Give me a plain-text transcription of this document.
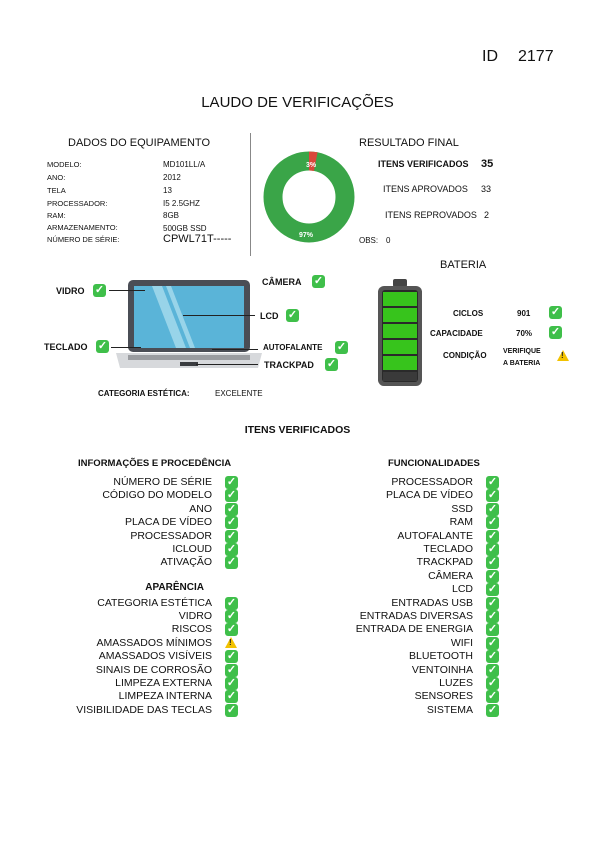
ID 2177
LAUDO DE VERIFICAÇÕES
DADOS DO EQUIPAMENTO
MODELO:	MD101LL/A
ANO:	2012
TELA	13
PROCESSADOR:	I5 2.5GHZ
RAM:	8GB
ARMAZENAMENTO:	500GB SSD
NÚMERO DE SÉRIE:	CPWL71T-----
3%
97%
RESULTADO FINAL
ITENS VERIFICADOS 35
ITENS APROVADOS 33
ITENS REPROVADOS 2
OBS: 0
VIDRO ✓
CÂMERA ✓
LCD ✓
TECLADO ✓	AUTOFALANTE ✓
TRACKPAD ✓
CATEGORIA ESTÉTICA:	EXCELENTE
BATERIA
CICLOS	901 ✓
CAPACIDADE	70% ✓
CONDIÇÃO VERIFIQUE
A BATERIA
!
ITENS VERIFICADOS
INFORMAÇÕES E PROCEDÊNCIA	FUNCIONALIDADES
NÚMERO DE SÉRIE ✓
CÓDIGO DO MODELO ✓
ANO ✓
PLACA DE VÍDEO ✓
PROCESSADOR ✓
ICLOUD ✓
ATIVAÇÃO ✓
APARÊNCIA
CATEGORIA ESTÉTICA ✓
VIDRO ✓
RISCOS ✓
AMASSADOS MÍNIMOS
!
AMASSADOS VISÍVEIS ✓
SINAIS DE CORROSÃO ✓
LIMPEZA EXTERNA ✓
LIMPEZA INTERNA ✓
VISIBILIDADE DAS TECLAS ✓
PROCESSADOR ✓
PLACA DE VÍDEO ✓
SSD ✓
RAM ✓
AUTOFALANTE ✓
TECLADO ✓
TRACKPAD ✓
CÂMERA ✓
LCD ✓
ENTRADAS USB ✓
ENTRADAS DIVERSAS ✓
ENTRADA DE ENERGIA ✓
WIFI ✓
BLUETOOTH ✓
VENTOINHA ✓
LUZES ✓
SENSORES ✓
SISTEMA ✓
